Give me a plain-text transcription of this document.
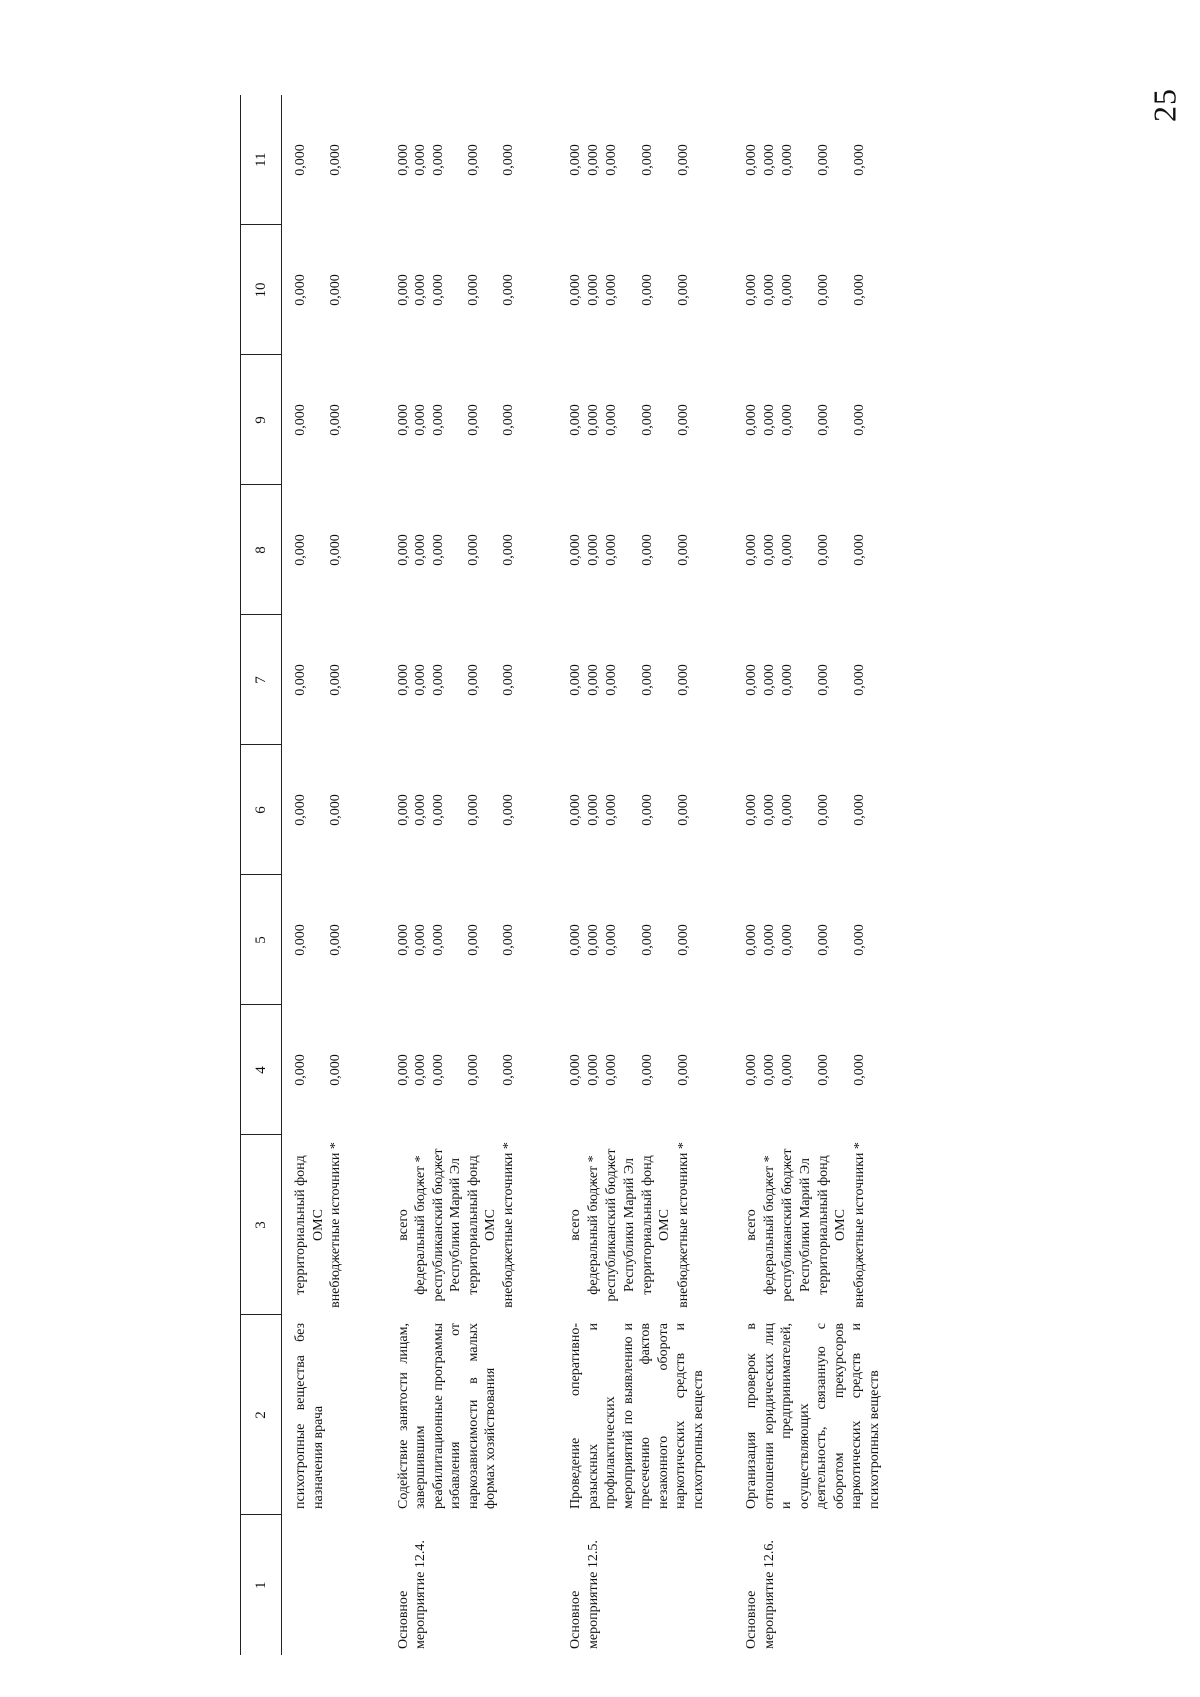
25
1	2	3	4	5	6	7	8	9	10	11
	психотропные вещества без назначения врача	территориальный фонд ОМС	0,000	0,000	0,000	0,000	0,000	0,000	0,000	0,000
		внебюджетные источники *	0,000	0,000	0,000	0,000	0,000	0,000	0,000	0,000

Основное мероприятие 12.4.	Содействие занятости лицам, завершившим реабилитационные программы избавления от наркозависимости в малых формах хозяйствования	всего	0,000	0,000	0,000	0,000	0,000	0,000	0,000	0,000
		федеральный бюджет *	0,000	0,000	0,000	0,000	0,000	0,000	0,000	0,000
		республиканский бюджет Республики Марий Эл	0,000	0,000	0,000	0,000	0,000	0,000	0,000	0,000
		территориальный фонд ОМС	0,000	0,000	0,000	0,000	0,000	0,000	0,000	0,000
		внебюджетные источники *	0,000	0,000	0,000	0,000	0,000	0,000	0,000	0,000

Основное мероприятие 12.5.	Проведение оперативно-разыскных и профилактических мероприятий по выявлению и пресечению фактов незаконного оборота наркотических средств и психотропных веществ	всего	0,000	0,000	0,000	0,000	0,000	0,000	0,000	0,000
		федеральный бюджет *	0,000	0,000	0,000	0,000	0,000	0,000	0,000	0,000
		республиканский бюджет Республики Марий Эл	0,000	0,000	0,000	0,000	0,000	0,000	0,000	0,000
		территориальный фонд ОМС	0,000	0,000	0,000	0,000	0,000	0,000	0,000	0,000
		внебюджетные источники *	0,000	0,000	0,000	0,000	0,000	0,000	0,000	0,000

Основное мероприятие 12.6.	Организация проверок в отношении юридических лиц и предпринимателей, осуществляющих деятельность, связанную с оборотом прекурсоров наркотических средств и психотропных веществ	всего	0,000	0,000	0,000	0,000	0,000	0,000	0,000	0,000
		федеральный бюджет *	0,000	0,000	0,000	0,000	0,000	0,000	0,000	0,000
		республиканский бюджет Республики Марий Эл	0,000	0,000	0,000	0,000	0,000	0,000	0,000	0,000
		территориальный фонд ОМС	0,000	0,000	0,000	0,000	0,000	0,000	0,000	0,000
		внебюджетные источники *	0,000	0,000	0,000	0,000	0,000	0,000	0,000	0,000
